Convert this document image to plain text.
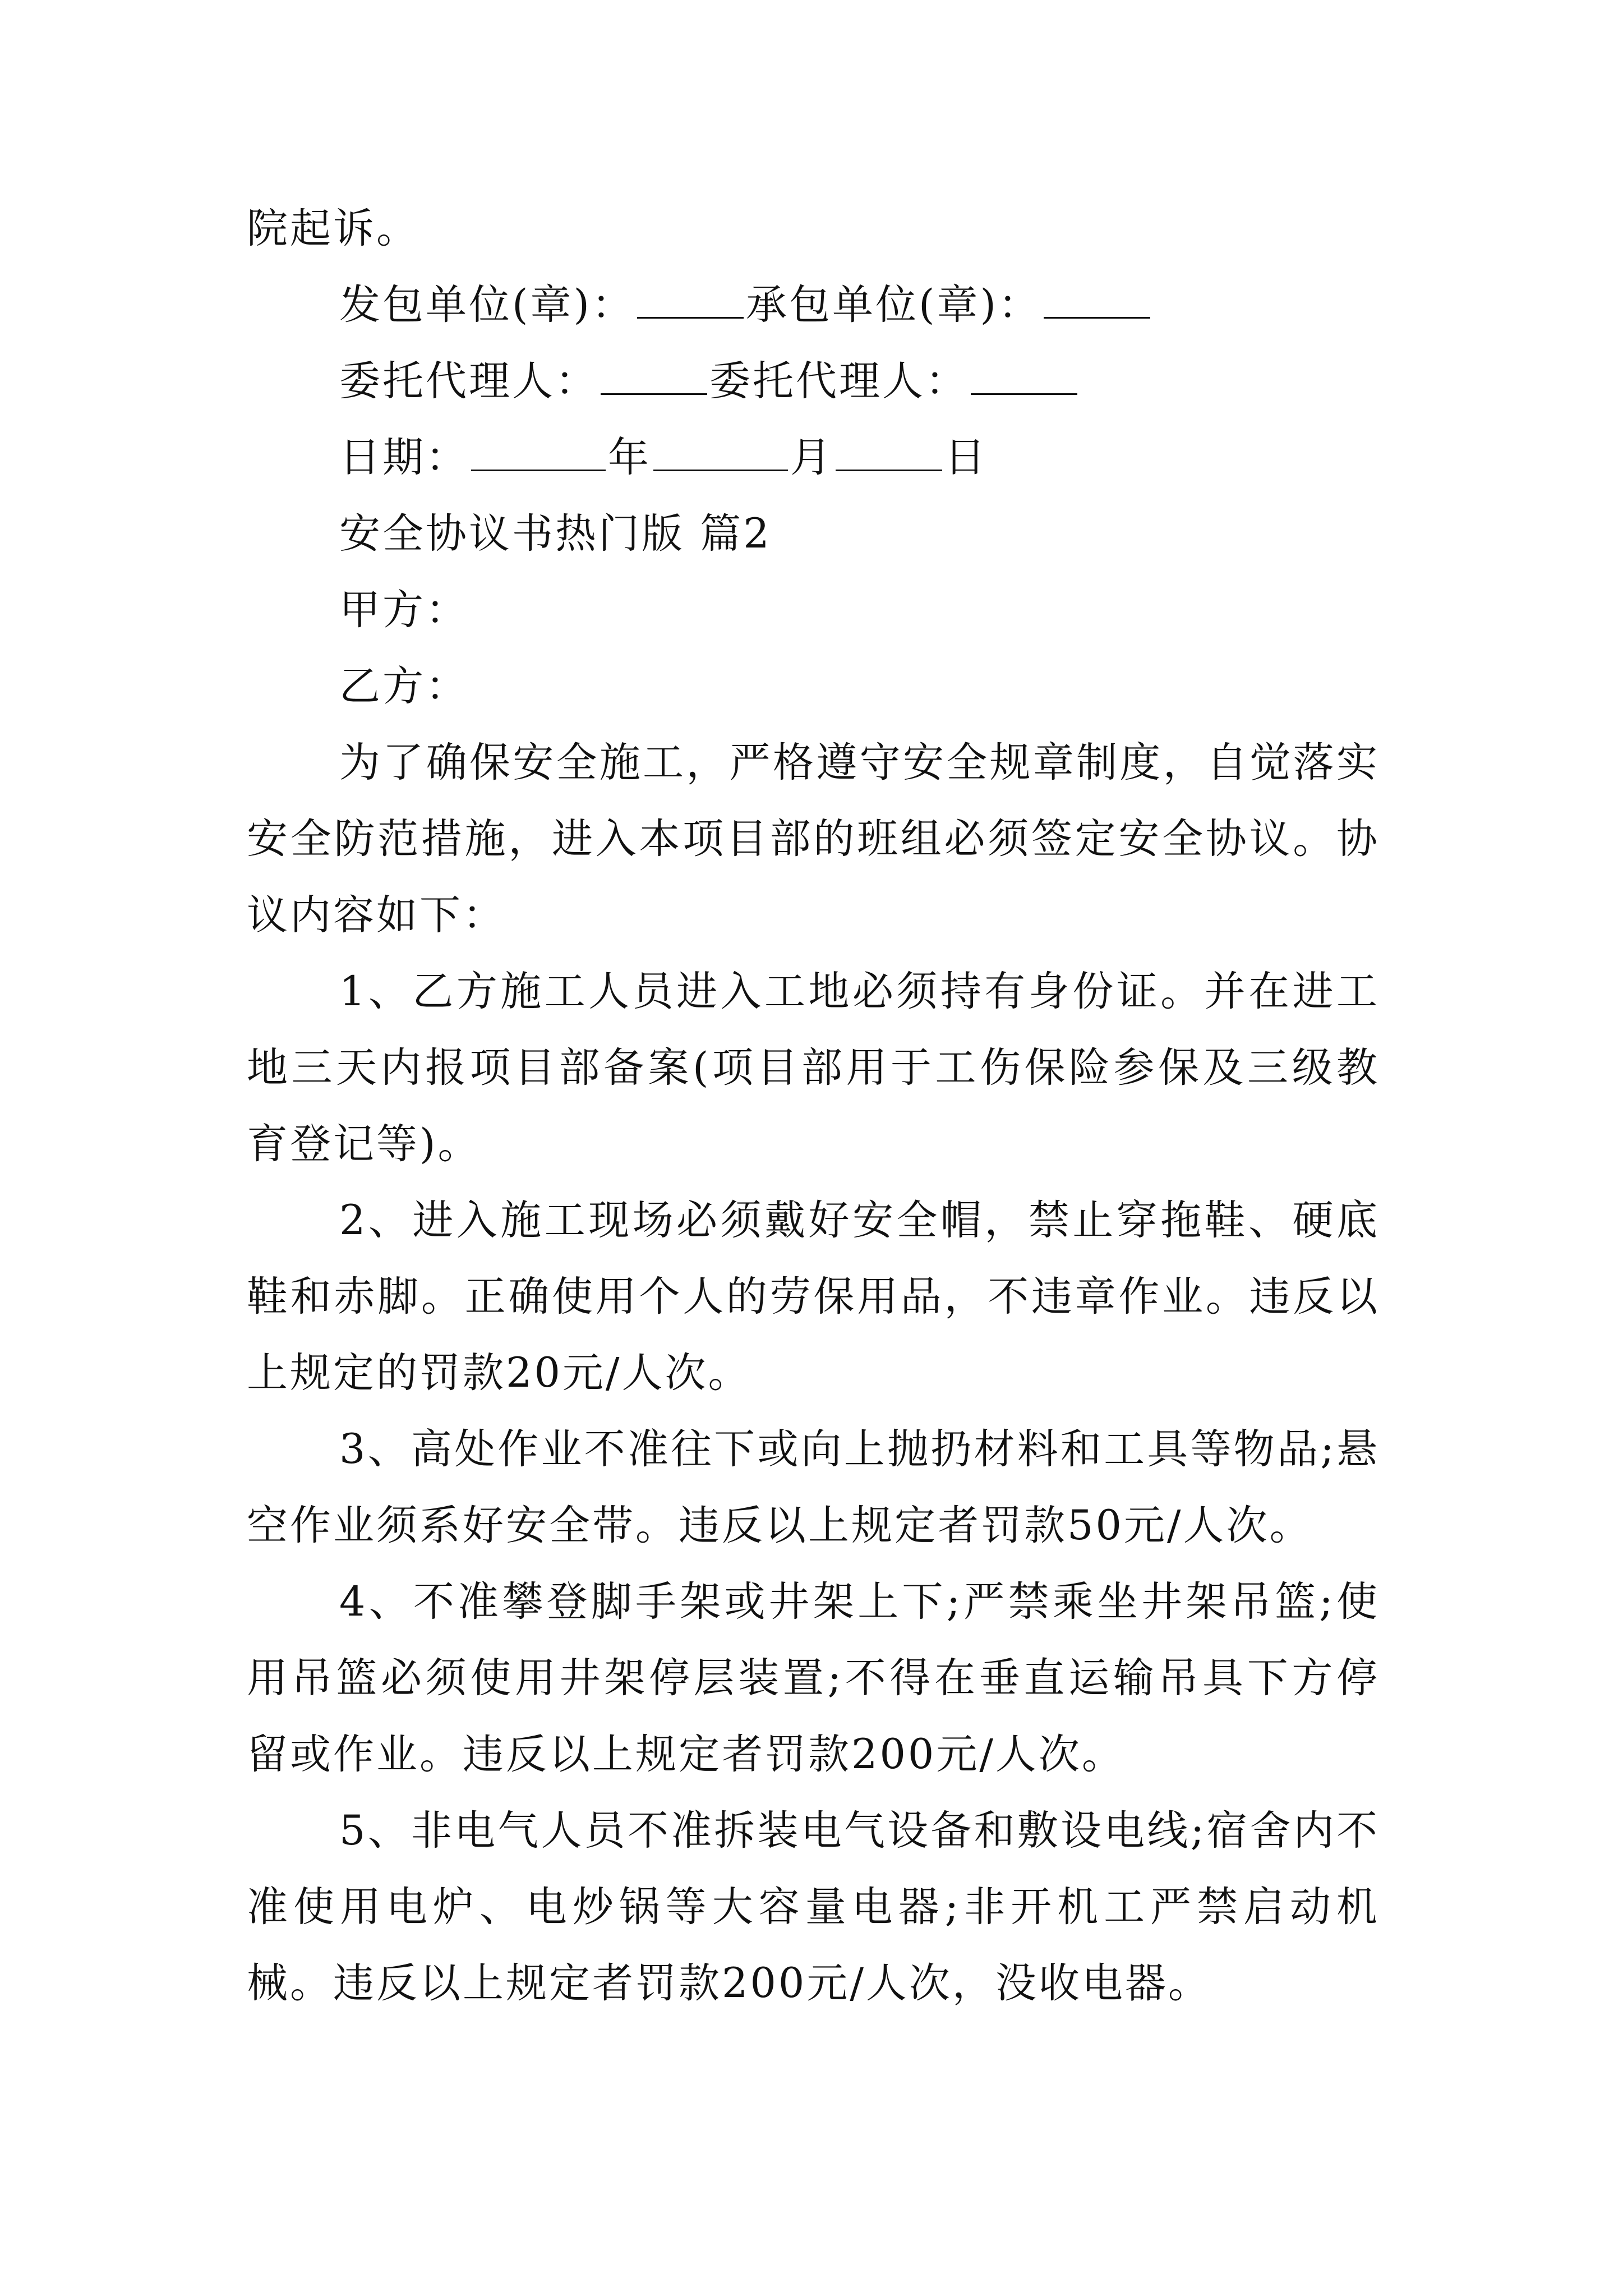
院起诉。

发包单位(章)：	承包单位(章)：

委托代理人：	委托代理人：

日期：	年	月	日

安全协议书热门版 篇2

甲方：

乙方：

为了确保安全施工，严格遵守安全规章制度，自觉落实安全防范措施，进入本项目部的班组必须签定安全协议。协议内容如下：

1、乙方施工人员进入工地必须持有身份证。并在进工地三天内报项目部备案(项目部用于工伤保险参保及三级教育登记等)。

2、进入施工现场必须戴好安全帽，禁止穿拖鞋、硬底鞋和赤脚。正确使用个人的劳保用品，不违章作业。违反以上规定的罚款20元/人次。

3、高处作业不准往下或向上抛扔材料和工具等物品;悬空作业须系好安全带。违反以上规定者罚款50元/人次。

4、不准攀登脚手架或井架上下;严禁乘坐井架吊篮;使用吊篮必须使用井架停层装置;不得在垂直运输吊具下方停留或作业。违反以上规定者罚款200元/人次。

5、非电气人员不准拆装电气设备和敷设电线;宿舍内不准使用电炉、电炒锅等大容量电器;非开机工严禁启动机械。违反以上规定者罚款200元/人次，没收电器。
